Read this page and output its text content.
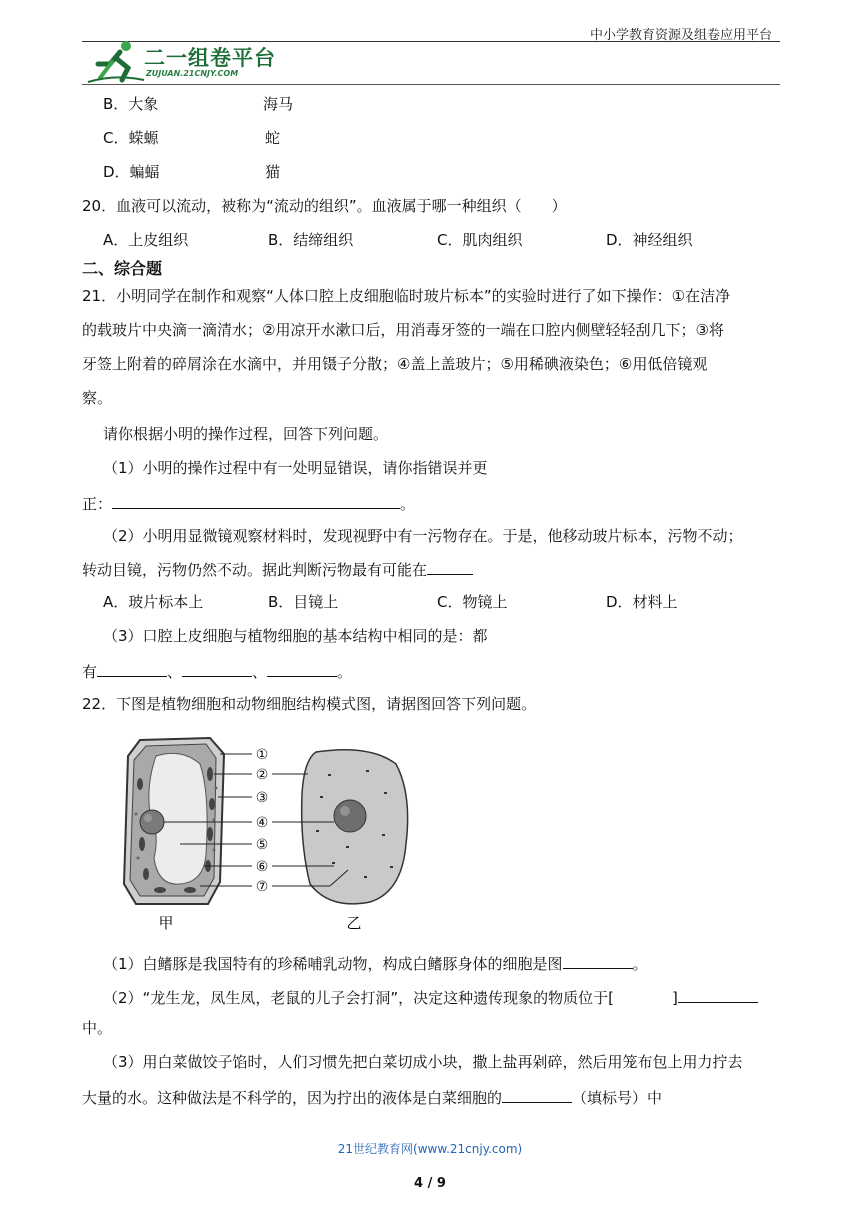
中小学教育资源及组卷应用平台
二一组卷平台
ZUJUAN.21CNJY.COM
B．大象	海马
C．蝾螈	蛇
D．蝙蝠	猫
20．血液可以流动，被称为“流动的组织”。血液属于哪一种组织（　　）
A．上皮组织	B．结缔组织	C．肌肉组织	D．神经组织
二、综合题
21．小明同学在制作和观察“人体口腔上皮细胞临时玻片标本”的实验时进行了如下操作：①在洁净
的载玻片中央滴一滴清水；②用凉开水漱口后，用消毒牙签的一端在口腔内侧壁轻轻刮几下；③将
牙签上附着的碎屑涂在水滴中，并用镊子分散；④盖上盖玻片；⑤用稀碘液染色；⑥用低倍镜观
察。
请你根据小明的操作过程，回答下列问题。
（1）小明的操作过程中有一处明显错误，请你指错误并更
正：	。
（2）小明用显微镜观察材料时，发现视野中有一污物存在。于是，他移动玻片标本，污物不动；
转动目镜，污物仍然不动。据此判断污物最有可能在
A．玻片标本上	B．目镜上	C．物镜上	D．材料上
（3）口腔上皮细胞与植物细胞的基本结构中相同的是：都
有	、	、	。
22．下图是植物细胞和动物细胞结构模式图，请据图回答下列问题。
①
②
③
④
⑤
⑥
⑦
甲	乙
（1）白鳍豚是我国特有的珍稀哺乳动物，构成白鳍豚身体的细胞是图	。
（2）“龙生龙，凤生凤，老鼠的儿子会打洞”，决定这种遗传现象的物质位于[	]
中。
（3）用白菜做饺子馅时，人们习惯先把白菜切成小块，撒上盐再剁碎，然后用笼布包上用力拧去
大量的水。这种做法是不科学的，因为拧出的液体是白菜细胞的	（填标号）中
21世纪教育网(www.21cnjy.com)
4 / 9
